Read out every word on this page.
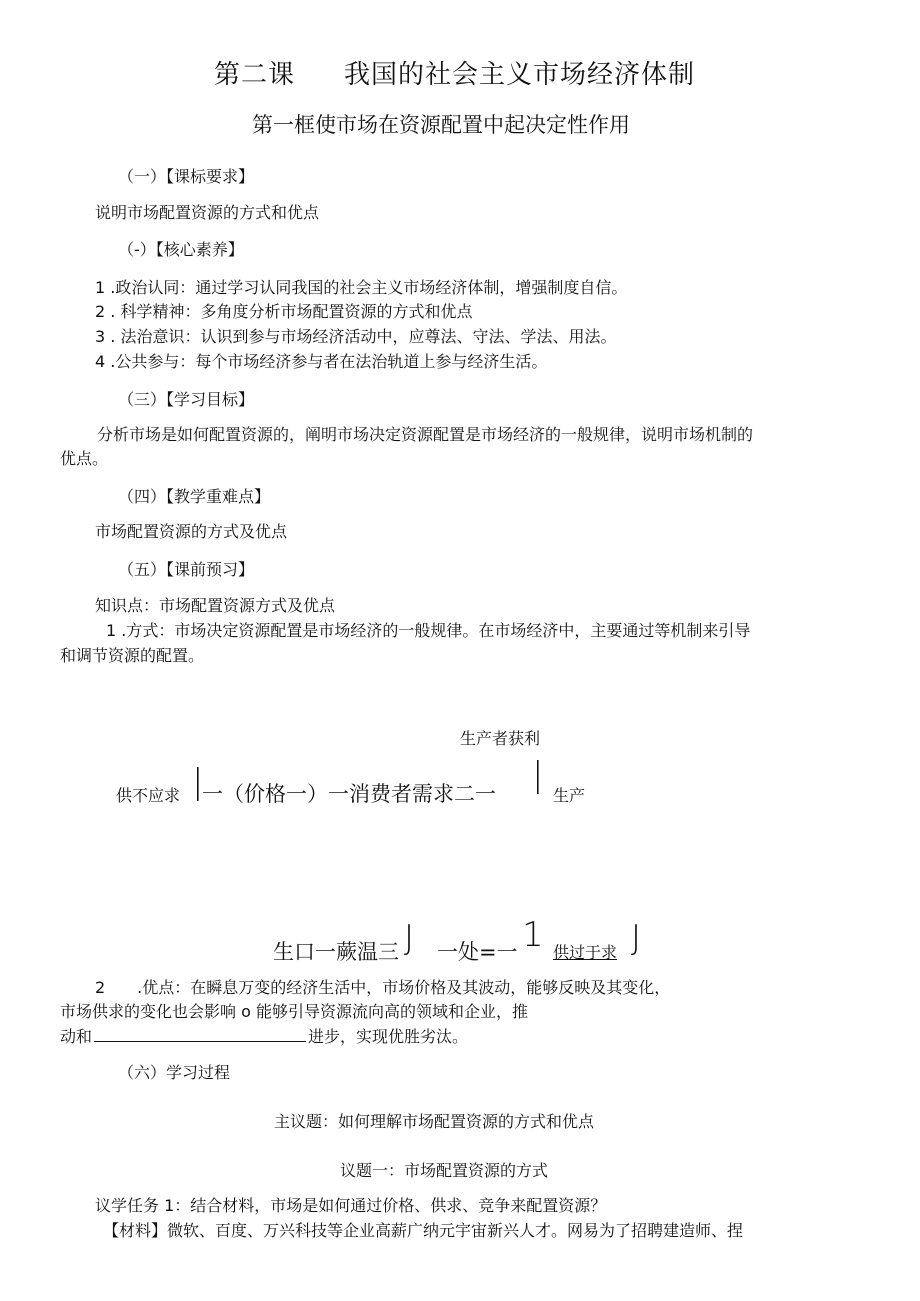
第二课 我国的社会主义市场经济体制
第一框使市场在资源配置中起决定性作用
（一）【课标要求】
说明市场配置资源的方式和优点
（-）【核心素养】
1 .政治认同：通过学习认同我国的社会主义市场经济体制，增强制度自信。
2 . 科学精神：多角度分析市场配置资源的方式和优点
3 . 法治意识：认识到参与市场经济活动中，应尊法、守法、学法、用法。
4 .公共参与：每个市场经济参与者在法治轨道上参与经济生活。
（三）【学习目标】
分析市场是如何配置资源的，阐明市场决定资源配置是市场经济的一般规律，说明市场机制的
优点。
（四）【教学重难点】
市场配置资源的方式及优点
（五）【课前预习】
知识点：市场配置资源方式及优点
1 .方式：市场决定资源配置是市场经济的一般规律。在市场经济中，主要通过等机制来引导
和调节资源的配置。
生产者获利
供不应求 |
一（价格一）一消费者需求二一 |
生产
生口一蕨温三 J 一处=一 1 供过于求 J
2　　.优点：在瞬息万变的经济生活中，市场价格及其波动，能够反映及其变化，
市场供求的变化也会影响 o 能够引导资源流向高的领域和企业，推
动和	进步，实现优胜劣汰。
（六）学习过程
主议题：如何理解市场配置资源的方式和优点
议题一：市场配置资源的方式
议学任务 1：结合材料，市场是如何通过价格、供求、竞争来配置资源？
【材料】微软、百度、万兴科技等企业高薪广纳元宇宙新兴人才。网易为了招聘建造师、捏
